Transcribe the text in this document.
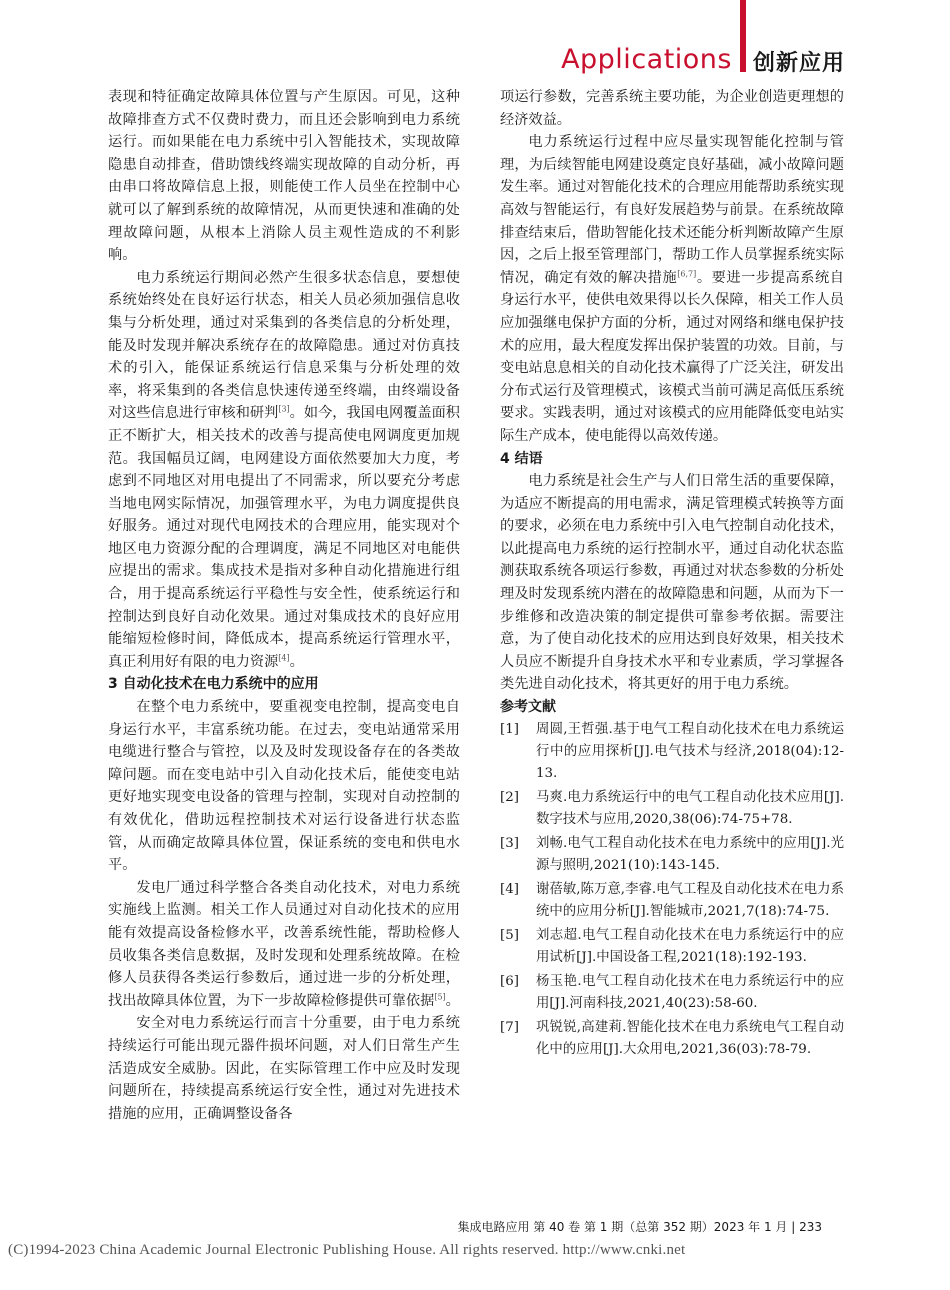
Applications 创新应用

表现和特征确定故障具体位置与产生原因。可见，这种故障排查方式不仅费时费力，而且还会影响到电力系统运行。而如果能在电力系统中引入智能技术，实现故障隐患自动排查，借助馈线终端实现故障的自动分析，再由串口将故障信息上报，则能使工作人员坐在控制中心就可以了解到系统的故障情况，从而更快速和准确的处理故障问题，从根本上消除人员主观性造成的不利影响。

电力系统运行期间必然产生很多状态信息，要想使系统始终处在良好运行状态，相关人员必须加强信息收集与分析处理，通过对采集到的各类信息的分析处理，能及时发现并解决系统存在的故障隐患。通过对仿真技术的引入，能保证系统运行信息采集与分析处理的效率，将采集到的各类信息快速传递至终端，由终端设备对这些信息进行审核和研判[3]。如今，我国电网覆盖面积正不断扩大，相关技术的改善与提高使电网调度更加规范。我国幅员辽阔，电网建设方面依然要加大力度，考虑到不同地区对用电提出了不同需求，所以要充分考虑当地电网实际情况，加强管理水平，为电力调度提供良好服务。通过对现代电网技术的合理应用，能实现对个地区电力资源分配的合理调度，满足不同地区对电能供应提出的需求。集成技术是指对多种自动化措施进行组合，用于提高系统运行平稳性与安全性，使系统运行和控制达到良好自动化效果。通过对集成技术的良好应用能缩短检修时间，降低成本，提高系统运行管理水平，真正利用好有限的电力资源[4]。

3 自动化技术在电力系统中的应用

在整个电力系统中，要重视变电控制，提高变电自身运行水平，丰富系统功能。在过去，变电站通常采用电缆进行整合与管控，以及及时发现设备存在的各类故障问题。而在变电站中引入自动化技术后，能使变电站更好地实现变电设备的管理与控制，实现对自动控制的有效优化，借助远程控制技术对运行设备进行状态监管，从而确定故障具体位置，保证系统的变电和供电水平。

发电厂通过科学整合各类自动化技术，对电力系统实施线上监测。相关工作人员通过对自动化技术的应用能有效提高设备检修水平，改善系统性能，帮助检修人员收集各类信息数据，及时发现和处理系统故障。在检修人员获得各类运行参数后，通过进一步的分析处理，找出故障具体位置，为下一步故障检修提供可靠依据[5]。

安全对电力系统运行而言十分重要，由于电力系统持续运行可能出现元器件损坏问题，对人们日常生产生活造成安全威胁。因此，在实际管理工作中应及时发现问题所在，持续提高系统运行安全性，通过对先进技术措施的应用，正确调整设备各

项运行参数，完善系统主要功能，为企业创造更理想的经济效益。

电力系统运行过程中应尽量实现智能化控制与管理，为后续智能电网建设奠定良好基础，减小故障问题发生率。通过对智能化技术的合理应用能帮助系统实现高效与智能运行，有良好发展趋势与前景。在系统故障排查结束后，借助智能化技术还能分析判断故障产生原因，之后上报至管理部门，帮助工作人员掌握系统实际情况，确定有效的解决措施[6,7]。要进一步提高系统自身运行水平，使供电效果得以长久保障，相关工作人员应加强继电保护方面的分析，通过对网络和继电保护技术的应用，最大程度发挥出保护装置的功效。目前，与变电站息息相关的自动化技术赢得了广泛关注，研发出分布式运行及管理模式，该模式当前可满足高低压系统要求。实践表明，通过对该模式的应用能降低变电站实际生产成本，使电能得以高效传递。

4 结语

电力系统是社会生产与人们日常生活的重要保障，为适应不断提高的用电需求，满足管理模式转换等方面的要求，必须在电力系统中引入电气控制自动化技术，以此提高电力系统的运行控制水平，通过自动化状态监测获取系统各项运行参数，再通过对状态参数的分析处理及时发现系统内潜在的故障隐患和问题，从而为下一步维修和改造决策的制定提供可靠参考依据。需要注意，为了使自动化技术的应用达到良好效果，相关技术人员应不断提升自身技术水平和专业素质，学习掌握各类先进自动化技术，将其更好的用于电力系统。

参考文献
[1] 周圆,王哲强.基于电气工程自动化技术在电力系统运行中的应用探析[J].电气技术与经济,2018(04):12-13.
[2] 马爽.电力系统运行中的电气工程自动化技术应用[J].数字技术与应用,2020,38(06):74-75+78.
[3] 刘畅.电气工程自动化技术在电力系统中的应用[J].光源与照明,2021(10):143-145.
[4] 谢蓓敏,陈万意,李睿.电气工程及自动化技术在电力系统中的应用分析[J].智能城市,2021,7(18):74-75.
[5] 刘志超.电气工程自动化技术在电力系统运行中的应用试析[J].中国设备工程,2021(18):192-193.
[6] 杨玉艳.电气工程自动化技术在电力系统运行中的应用[J].河南科技,2021,40(23):58-60.
[7] 巩锐锐,高建莉.智能化技术在电力系统电气工程自动化中的应用[J].大众用电,2021,36(03):78-79.
集成电路应用 第 40 卷 第 1 期（总第 352 期）2023 年 1 月 | 233
(C)1994-2023 China Academic Journal Electronic Publishing House. All rights reserved. http://www.cnki.net
